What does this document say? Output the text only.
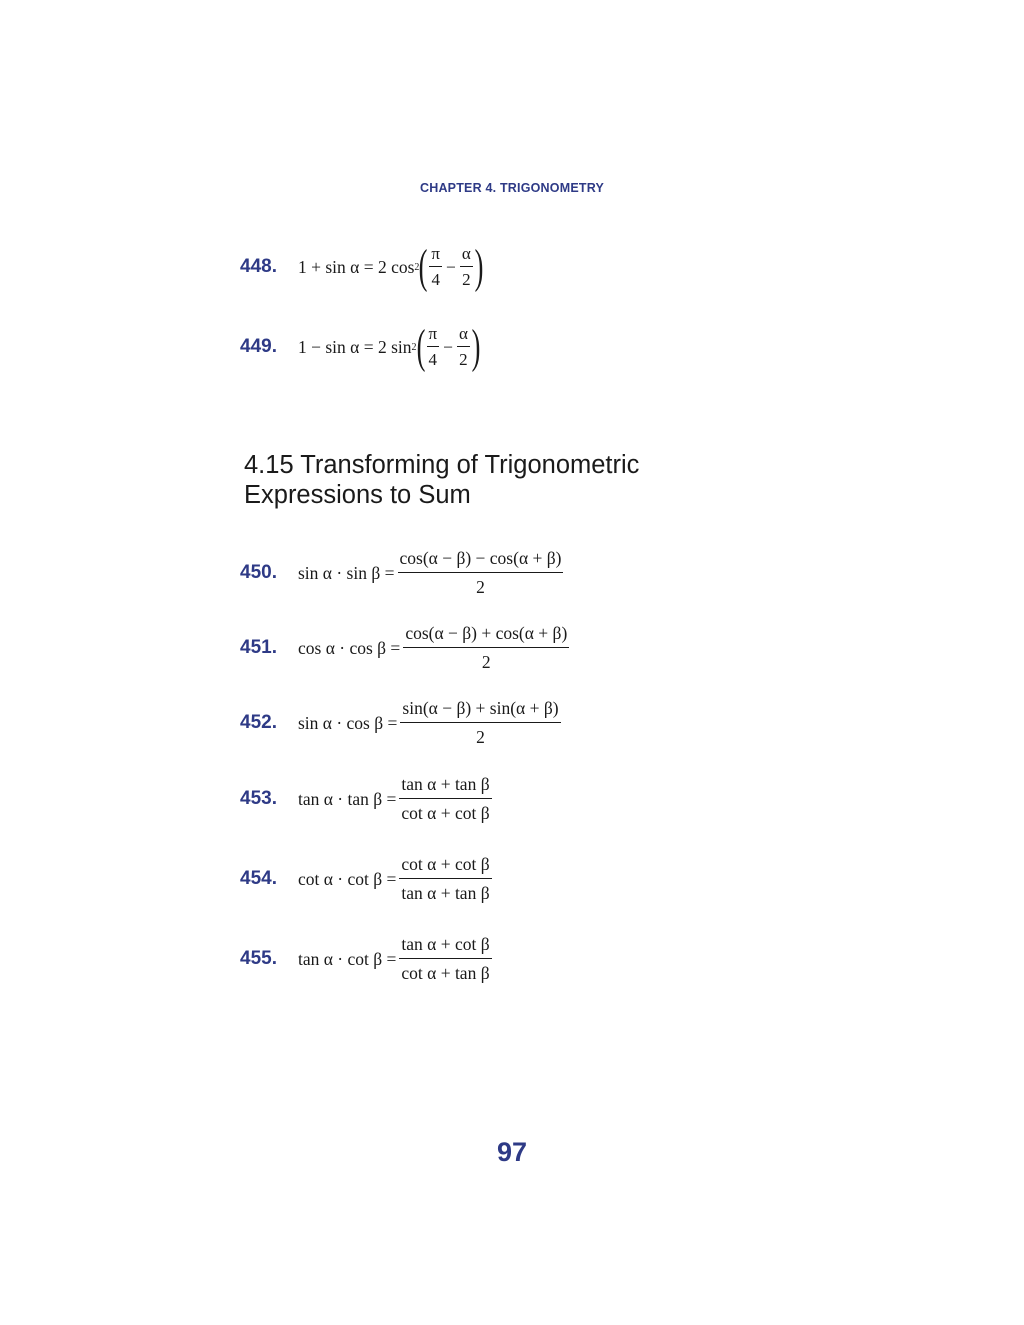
CHAPTER 4. TRIGONOMETRY
448.	1 + sin α = 2 cos 2 ( $\frac{\pi}{4} - \frac{\alpha}{2}$ )
449.	1 − sin α = 2 sin 2 ( $\frac{\pi}{4} - \frac{\alpha}{2}$ )
4.15 Transforming of Trigonometric Expressions to Sum
450.	$\sin \alpha \cdot \sin \beta = \frac{\cos(\alpha - \beta) - \cos(\alpha + \beta)}{2}$
451.	$\cos \alpha \cdot \cos \beta = \frac{\cos(\alpha - \beta) + \cos(\alpha + \beta)}{2}$
452.	$\sin \alpha \cdot \cos \beta = \frac{\sin(\alpha - \beta) + \sin(\alpha + \beta)}{2}$
453.	$\tan \alpha \cdot \tan \beta = \frac{\text{tan α + tan β}}{\text{cot α + cot β}}$
454.	$\cot \alpha \cdot \cot \beta = \frac{\text{cot α + cot β}}{\text{tan α + tan β}}$
455.	$\tan \alpha \cdot \cot \beta = \frac{\text{tan α + cot β}}{\text{cot α + tan β}}$
97
